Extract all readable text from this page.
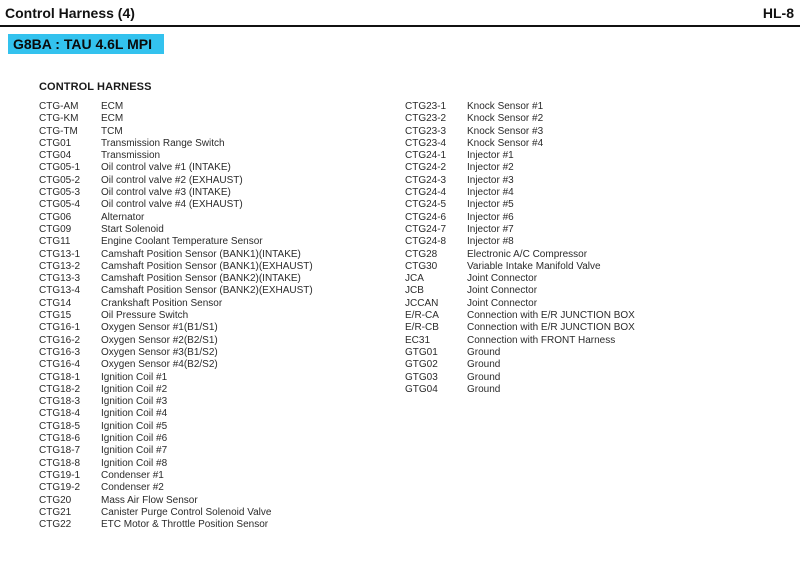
Control Harness (4)	HL-8
G8BA : TAU 4.6L MPI
CONTROL HARNESS
CTG-AM ECM
CTG-KM ECM
CTG-TM TCM
CTG01	Transmission Range Switch
CTG04	Transmission
CTG05-1 Oil control valve #1 (INTAKE)
CTG05-2 Oil control valve #2 (EXHAUST)
CTG05-3 Oil control valve #3 (INTAKE)
CTG05-4 Oil control valve #4 (EXHAUST)
CTG06	Alternator
CTG09	Start Solenoid
CTG11	Engine Coolant Temperature Sensor
CTG13-1 Camshaft Position Sensor (BANK1)(INTAKE)
CTG13-2 Camshaft Position Sensor (BANK1)(EXHAUST)
CTG13-3 Camshaft Position Sensor (BANK2)(INTAKE)
CTG13-4 Camshaft Position Sensor (BANK2)(EXHAUST)
CTG14	Crankshaft Position Sensor
CTG15	Oil Pressure Switch
CTG16-1 Oxygen Sensor #1(B1/S1)
CTG16-2 Oxygen Sensor #2(B2/S1)
CTG16-3 Oxygen Sensor #3(B1/S2)
CTG16-4 Oxygen Sensor #4(B2/S2)
CTG18-1 Ignition Coil #1
CTG18-2 Ignition Coil #2
CTG18-3 Ignition Coil #3
CTG18-4 Ignition Coil #4
CTG18-5 Ignition Coil #5
CTG18-6 Ignition Coil #6
CTG18-7 Ignition Coil #7
CTG18-8 Ignition Coil #8
CTG19-1 Condenser #1
CTG19-2 Condenser #2
CTG20	Mass Air Flow Sensor
CTG21	Canister Purge Control Solenoid Valve
CTG22	ETC Motor & Throttle Position Sensor
CTG23-1 Knock Sensor #1
CTG23-2 Knock Sensor #2
CTG23-3 Knock Sensor #3
CTG23-4 Knock Sensor #4
CTG24-1 Injector #1
CTG24-2 Injector #2
CTG24-3 Injector #3
CTG24-4 Injector #4
CTG24-5 Injector #5
CTG24-6 Injector #6
CTG24-7 Injector #7
CTG24-8 Injector #8
CTG28	Electronic A/C Compressor
CTG30	Variable Intake Manifold Valve
JCA	Joint Connector
JCB	Joint Connector
JCCAN	Joint Connector
E/R-CA	Connection with E/R JUNCTION BOX
E/R-CB	Connection with E/R JUNCTION BOX
EC31	Connection with FRONT Harness
GTG01	Ground
GTG02	Ground
GTG03	Ground
GTG04	Ground
